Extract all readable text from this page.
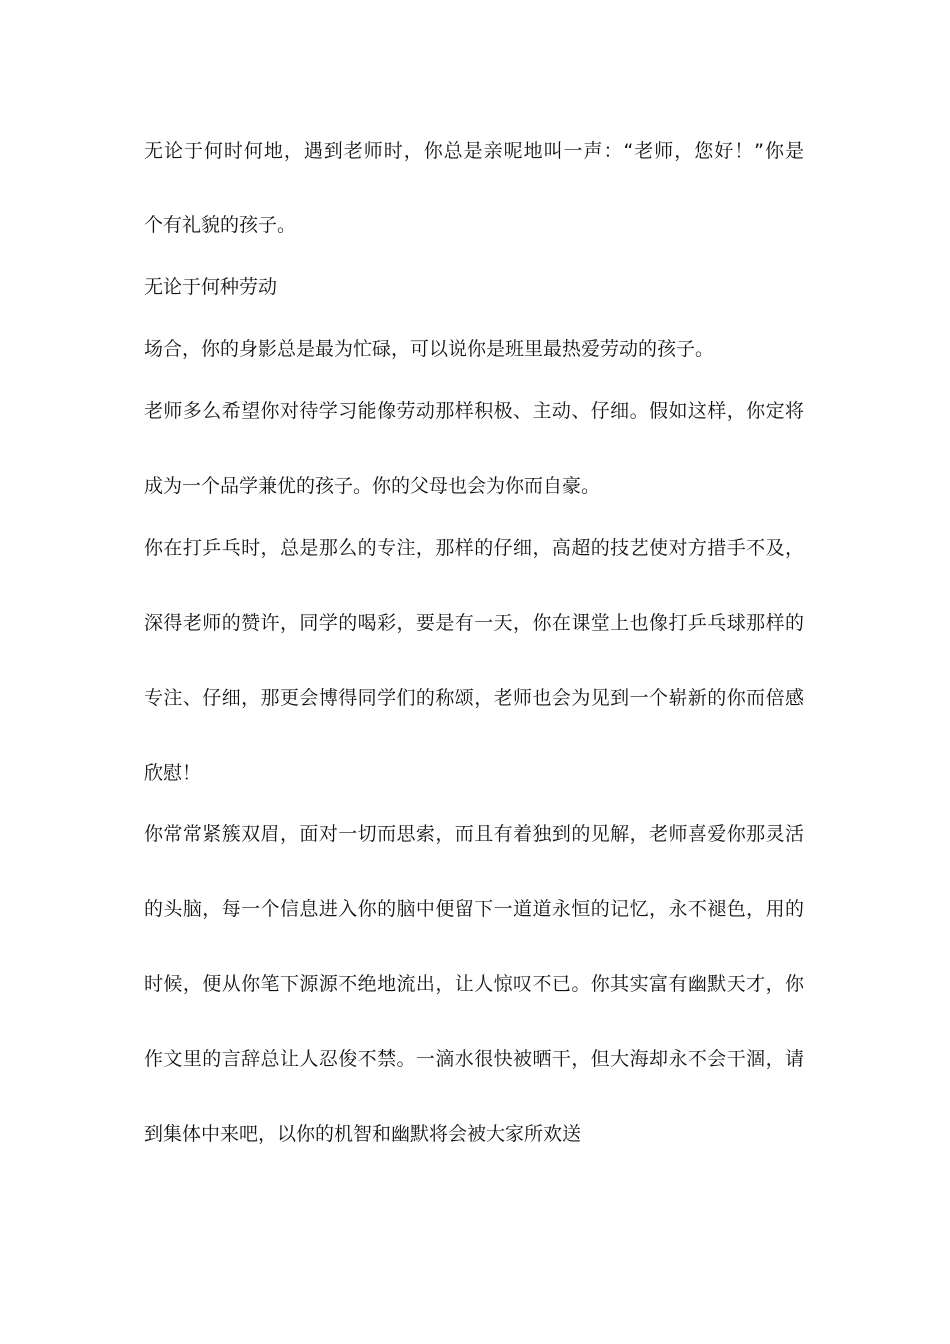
无论于何时何地，遇到老师时，你总是亲呢地叫一声：“老师，您好！”你是
个有礼貌的孩子。
无论于何种劳动
场合，你的身影总是最为忙碌，可以说你是班里最热爱劳动的孩子。
老师多么希望你对待学习能像劳动那样积极、主动、仔细。假如这样，你定将
成为一个品学兼优的孩子。你的父母也会为你而自豪。
你在打乒乓时，总是那么的专注，那样的仔细，高超的技艺使对方措手不及，
深得老师的赞许，同学的喝彩，要是有一天，你在课堂上也像打乒乓球那样的
专注、仔细，那更会博得同学们的称颂，老师也会为见到一个崭新的你而倍感
欣慰！
你常常紧簇双眉，面对一切而思索，而且有着独到的见解，老师喜爱你那灵活
的头脑，每一个信息进入你的脑中便留下一道道永恒的记忆，永不褪色，用的
时候，便从你笔下源源不绝地流出，让人惊叹不已。你其实富有幽默天才，你
作文里的言辞总让人忍俊不禁。一滴水很快被晒干，但大海却永不会干涸，请
到集体中来吧，以你的机智和幽默将会被大家所欢送
